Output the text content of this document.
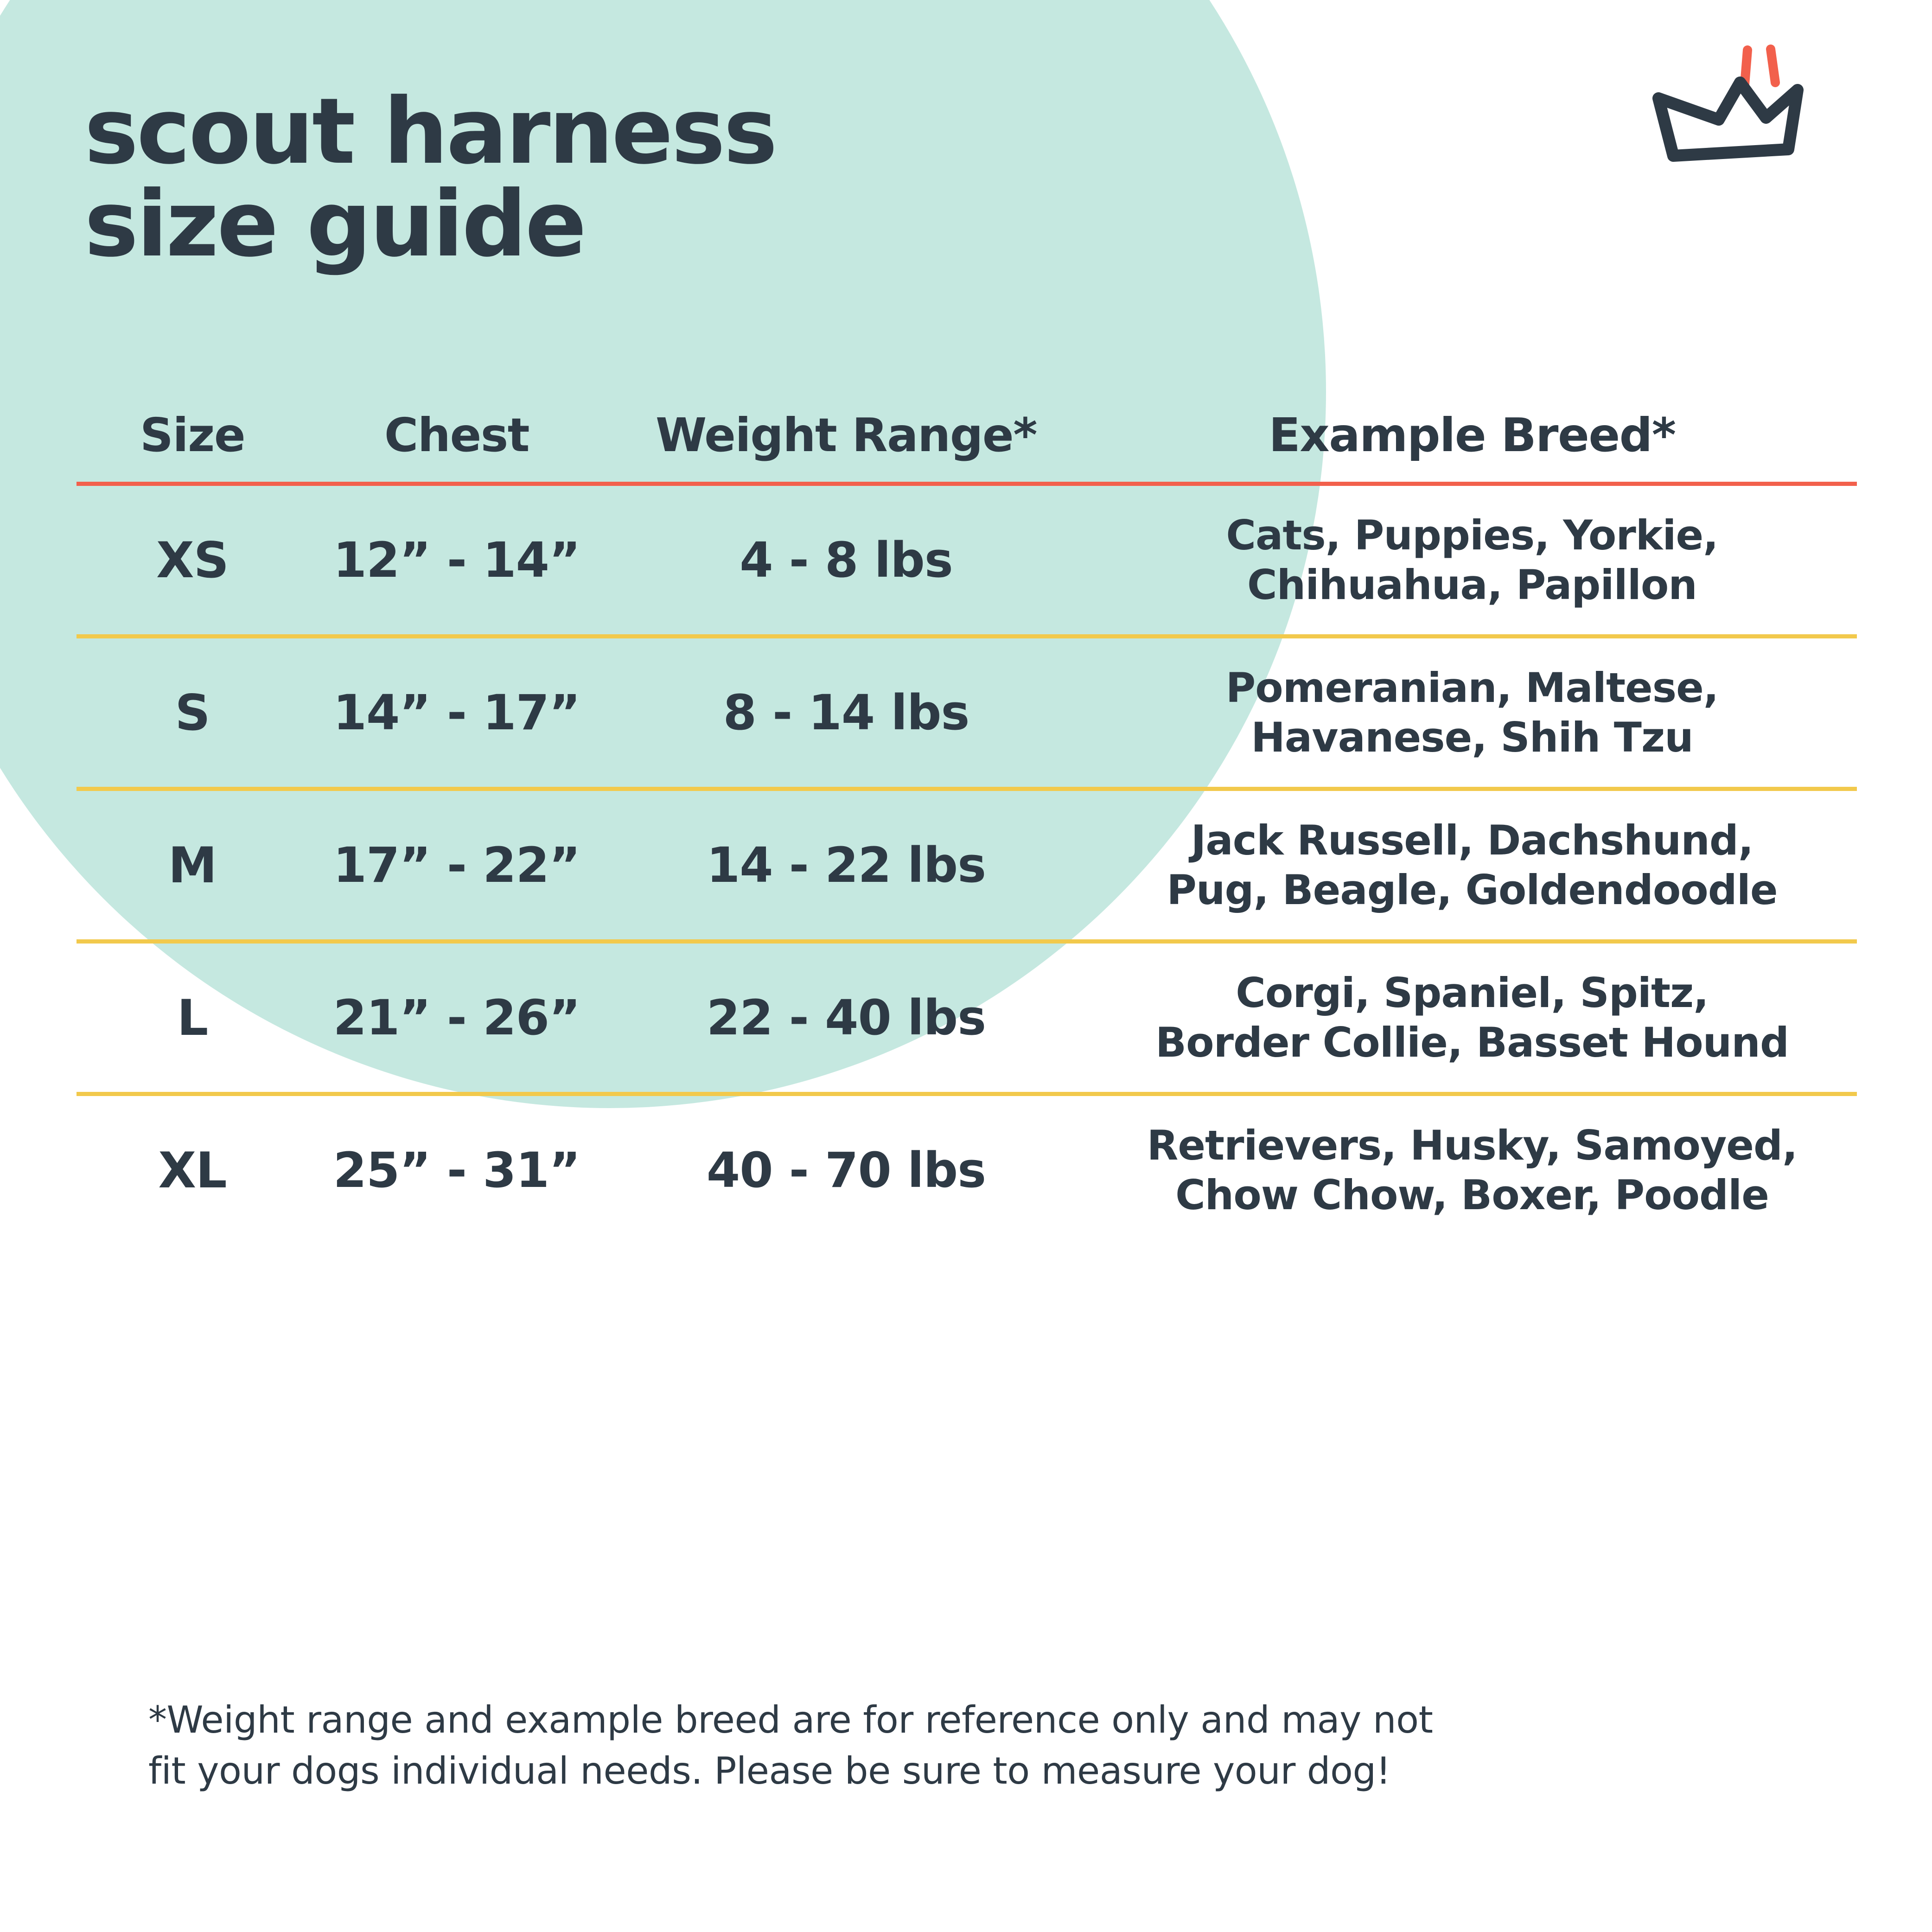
scout harness
size guide
Size	Chest	Weight Range*	Example Breed*
XS	12” - 14”	4 - 8 lbs	Cats, Puppies, Yorkie,
Chihuahua, Papillon
S	14” - 17”	8 - 14 lbs	Pomeranian, Maltese,
Havanese, Shih Tzu
M	17” - 22”	14 - 22 lbs	Jack Russell, Dachshund,
Pug, Beagle, Goldendoodle
L	21” - 26”	22 - 40 lbs	Corgi, Spaniel, Spitz,
Border Collie, Basset Hound
XL	25” - 31”	40 - 70 lbs	Retrievers, Husky, Samoyed,
Chow Chow, Boxer, Poodle
*Weight range and example breed are for reference only and may not
fit your dogs individual needs. Please be sure to measure your dog!
